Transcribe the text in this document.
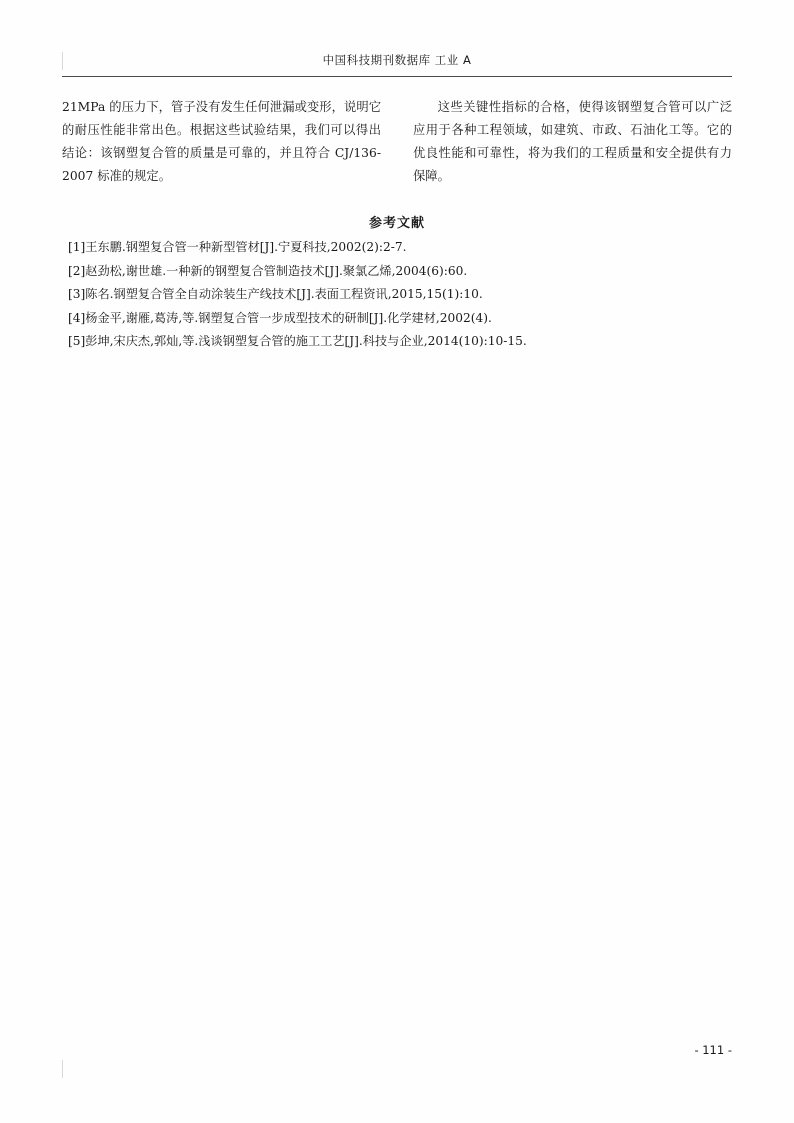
中国科技期刊数据库 工业 A

21MPa 的压力下，管子没有发生任何泄漏或变形，说明它的耐压性能非常出色。根据这些试验结果，我们可以得出结论：该钢塑复合管的质量是可靠的，并且符合 CJ/136-2007 标准的规定。

这些关键性指标的合格，使得该钢塑复合管可以广泛应用于各种工程领域，如建筑、市政、石油化工等。它的优良性能和可靠性，将为我们的工程质量和安全提供有力保障。

参考文献
[1]王东鹏.钢塑复合管一种新型管材[J].宁夏科技,2002(2):2-7.
[2]赵劲松,谢世雄.一种新的钢塑复合管制造技术[J].聚氯乙烯,2004(6):60.
[3]陈名.钢塑复合管全自动涂装生产线技术[J].表面工程资讯,2015,15(1):10.
[4]杨金平,谢雁,葛涛,等.钢塑复合管一步成型技术的研制[J].化学建材,2002(4).
[5]彭坤,宋庆杰,郭灿,等.浅谈钢塑复合管的施工工艺[J].科技与企业,2014(10):10-15.
- 111 -
